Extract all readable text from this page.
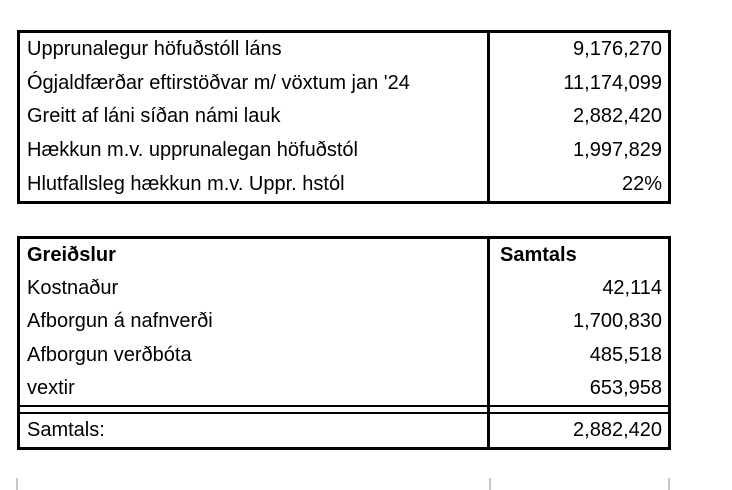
Upprunalegur höfuðstóll láns	9,176,270
Ógjaldfærðar eftirstöðvar m/ vöxtum jan '24	11,174,099
Greitt af láni síðan námi lauk	2,882,420
Hækkun m.v. upprunalegan höfuðstól	1,997,829
Hlutfallsleg hækkun m.v. Uppr. hstól	22%
Greiðslur	Samtals
Kostnaður	42,114
Afborgun á nafnverði	1,700,830
Afborgun verðbóta	485,518
vextir	653,958
Samtals:	2,882,420
